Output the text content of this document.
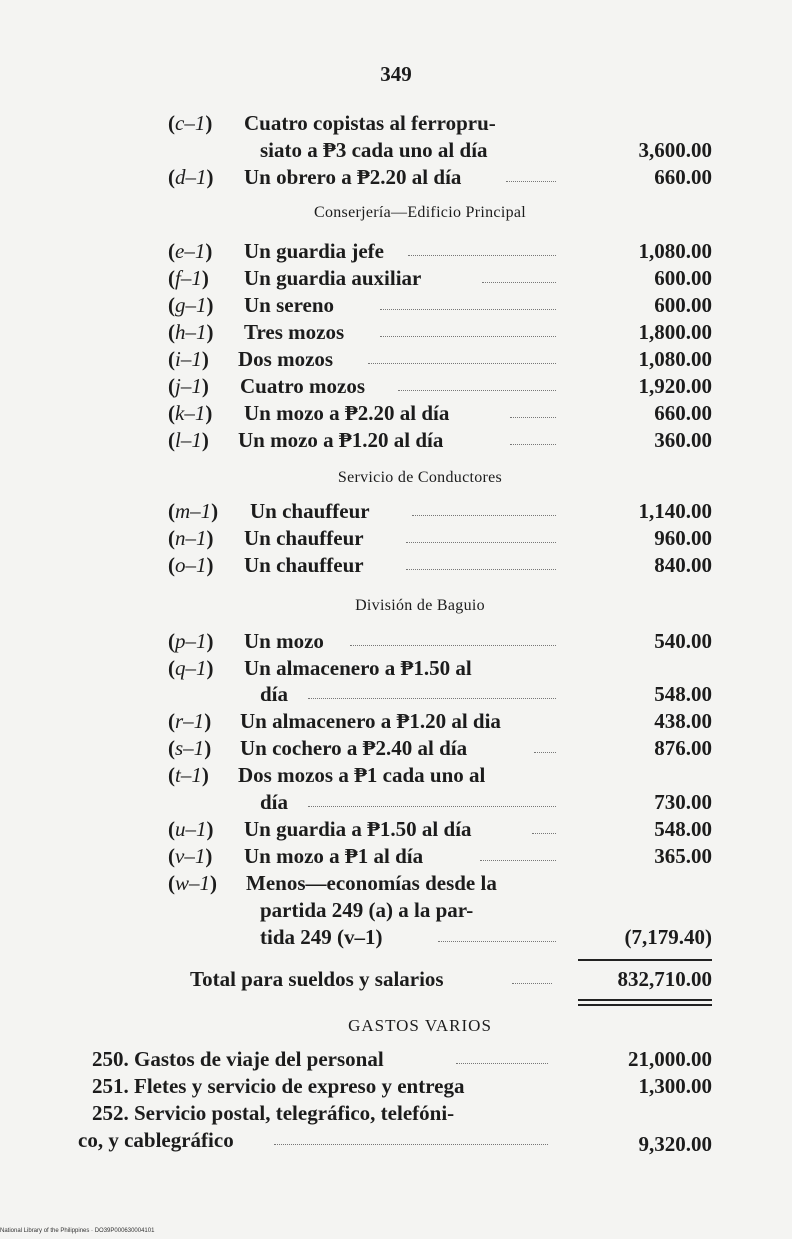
349
(c–1) Cuatro copistas al ferropru-
siato a ₱3 cada uno al día	3,600.00
(d–1) Un obrero a ₱2.20 al día	660.00
Conserjería—Edificio Principal
(e–1) Un guardia jefe	1,080.00
(f–1) Un guardia auxiliar	600.00
(g–1) Un sereno	600.00
(h–1) Tres mozos	1,800.00
(i–1) Dos mozos	1,080.00
(j–1) Cuatro mozos	1,920.00
(k–1) Un mozo a ₱2.20 al día	660.00
(l–1) Un mozo a ₱1.20 al día	360.00
Servicio de Conductores
(m–1) Un chauffeur	1,140.00
(n–1) Un chauffeur	960.00
(o–1) Un chauffeur	840.00
División de Baguio
(p–1) Un mozo	540.00
(q–1) Un almacenero a ₱1.50 al
día	548.00
(r–1) Un almacenero a ₱1.20 al dia	438.00
(s–1) Un cochero a ₱2.40 al día	876.00
(t–1) Dos mozos a ₱1 cada uno al
día	730.00
(u–1) Un guardia a ₱1.50 al día	548.00
(v–1) Un mozo a ₱1 al día	365.00
(w–1) Menos—economías desde la
partida 249 (a) a la par-
tida 249 (v–1)	(7,179.40)
Total para sueldos y salarios	832,710.00
GASTOS VARIOS
250. Gastos de viaje del personal	21,000.00
251. Fletes y servicio de expreso y entrega	1,300.00
252. Servicio postal, telegráfico, telefóni-
co, y cablegráfico	9,320.00
National Library of the Philippines · DO39P000630004101
